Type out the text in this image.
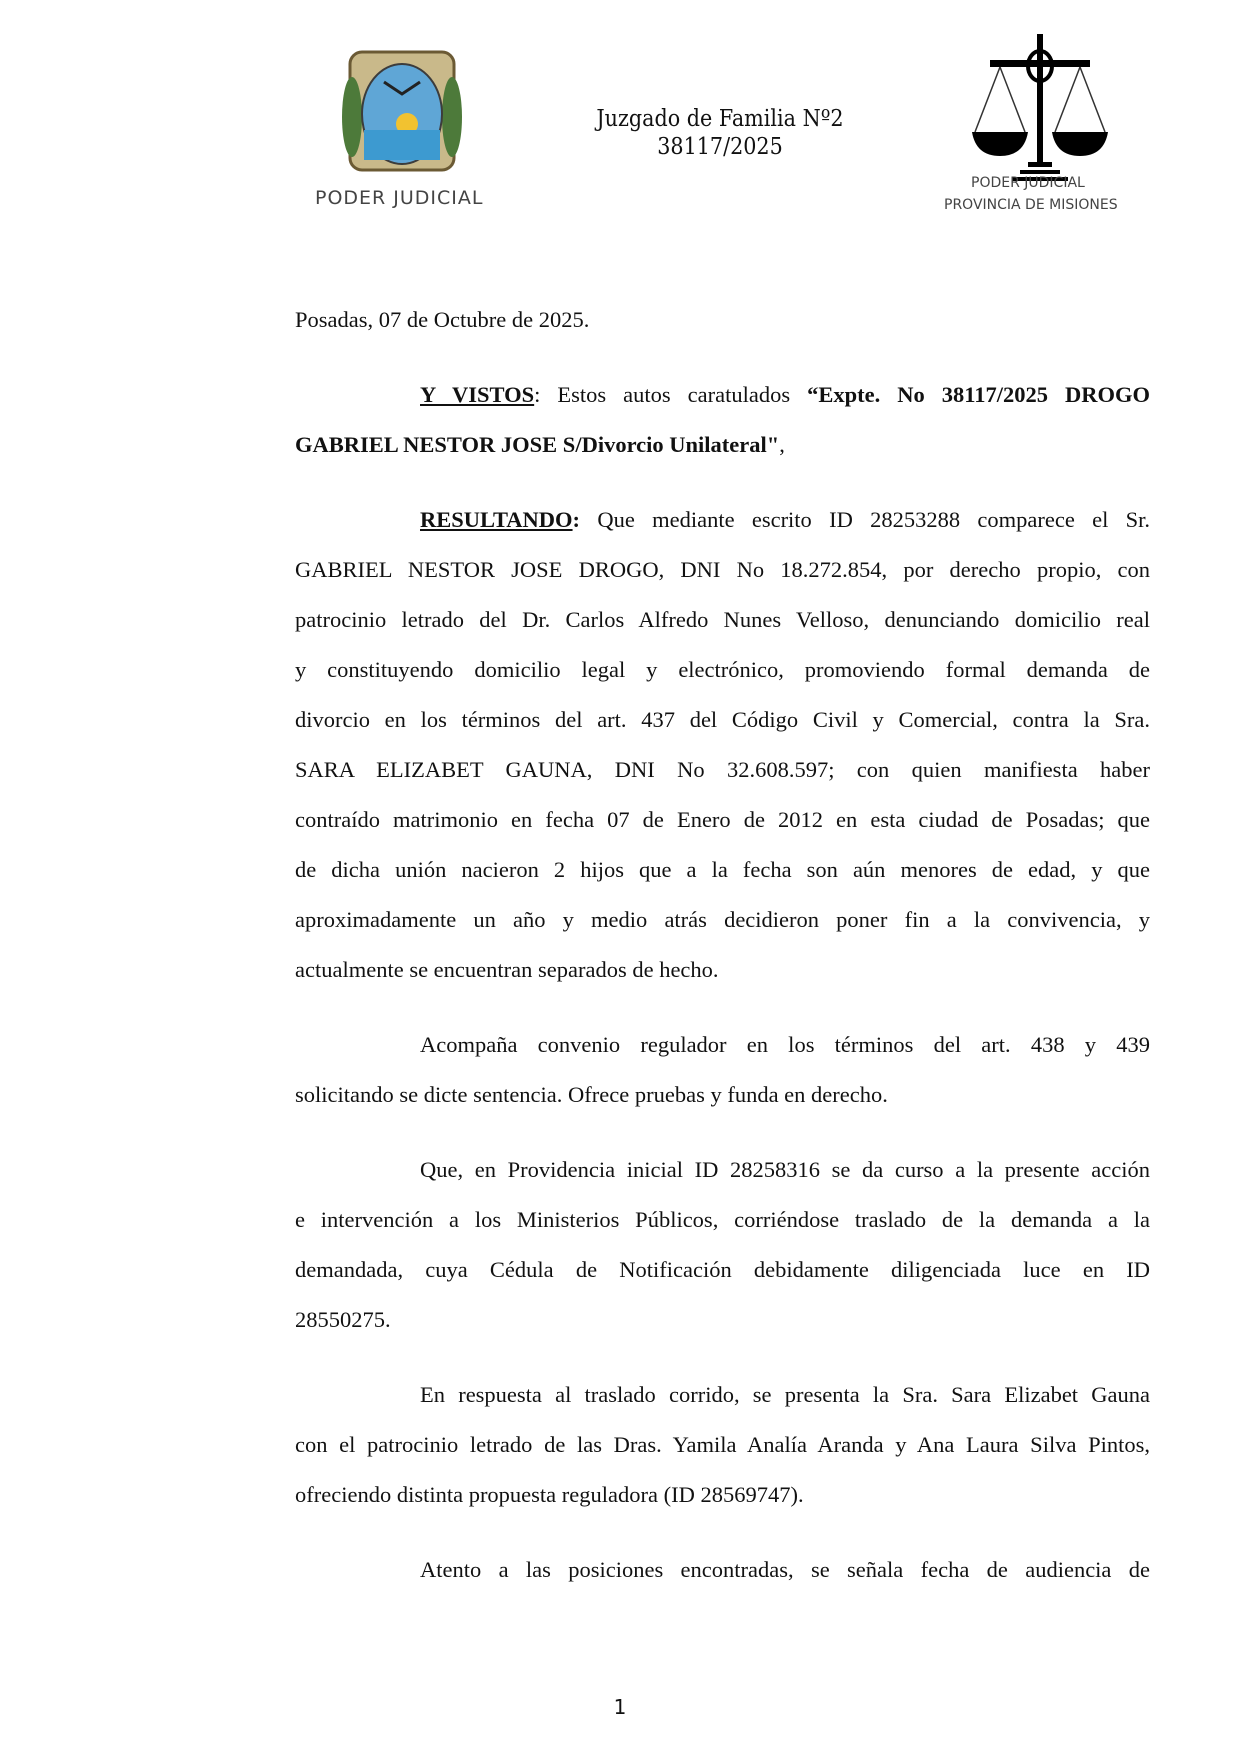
PODER JUDICIAL
Juzgado de Familia Nº2
38117/2025
PODER JUDICIAL
PROVINCIA DE MISIONES
Posadas, 07 de Octubre de 2025.
Y VISTOS: Estos autos caratulados “Expte. No 38117/2025 DROGO
GABRIEL NESTOR JOSE S/Divorcio Unilateral",
RESULTANDO: Que mediante escrito ID 28253288 comparece el Sr.
GABRIEL NESTOR JOSE DROGO, DNI No 18.272.854, por derecho propio, con
patrocinio letrado del Dr. Carlos Alfredo Nunes Velloso, denunciando domicilio real
y constituyendo domicilio legal y electrónico, promoviendo formal demanda de
divorcio en los términos del art. 437 del Código Civil y Comercial, contra la Sra.
SARA ELIZABET GAUNA, DNI No 32.608.597; con quien manifiesta haber
contraído matrimonio en fecha 07 de Enero de 2012 en esta ciudad de Posadas; que
de dicha unión nacieron 2 hijos que a la fecha son aún menores de edad, y que
aproximadamente un año y medio atrás decidieron poner fin a la convivencia, y
actualmente se encuentran separados de hecho.
Acompaña convenio regulador en los términos del art. 438 y 439
solicitando se dicte sentencia. Ofrece pruebas y funda en derecho.
Que, en Providencia inicial ID 28258316 se da curso a la presente acción
e intervención a los Ministerios Públicos, corriéndose traslado de la demanda a la
demandada, cuya Cédula de Notificación debidamente diligenciada luce en ID
28550275.
En respuesta al traslado corrido, se presenta la Sra. Sara Elizabet Gauna
con el patrocinio letrado de las Dras. Yamila Analía Aranda y Ana Laura Silva Pintos,
ofreciendo distinta propuesta reguladora (ID 28569747).
Atento a las posiciones encontradas, se señala fecha de audiencia de
1
